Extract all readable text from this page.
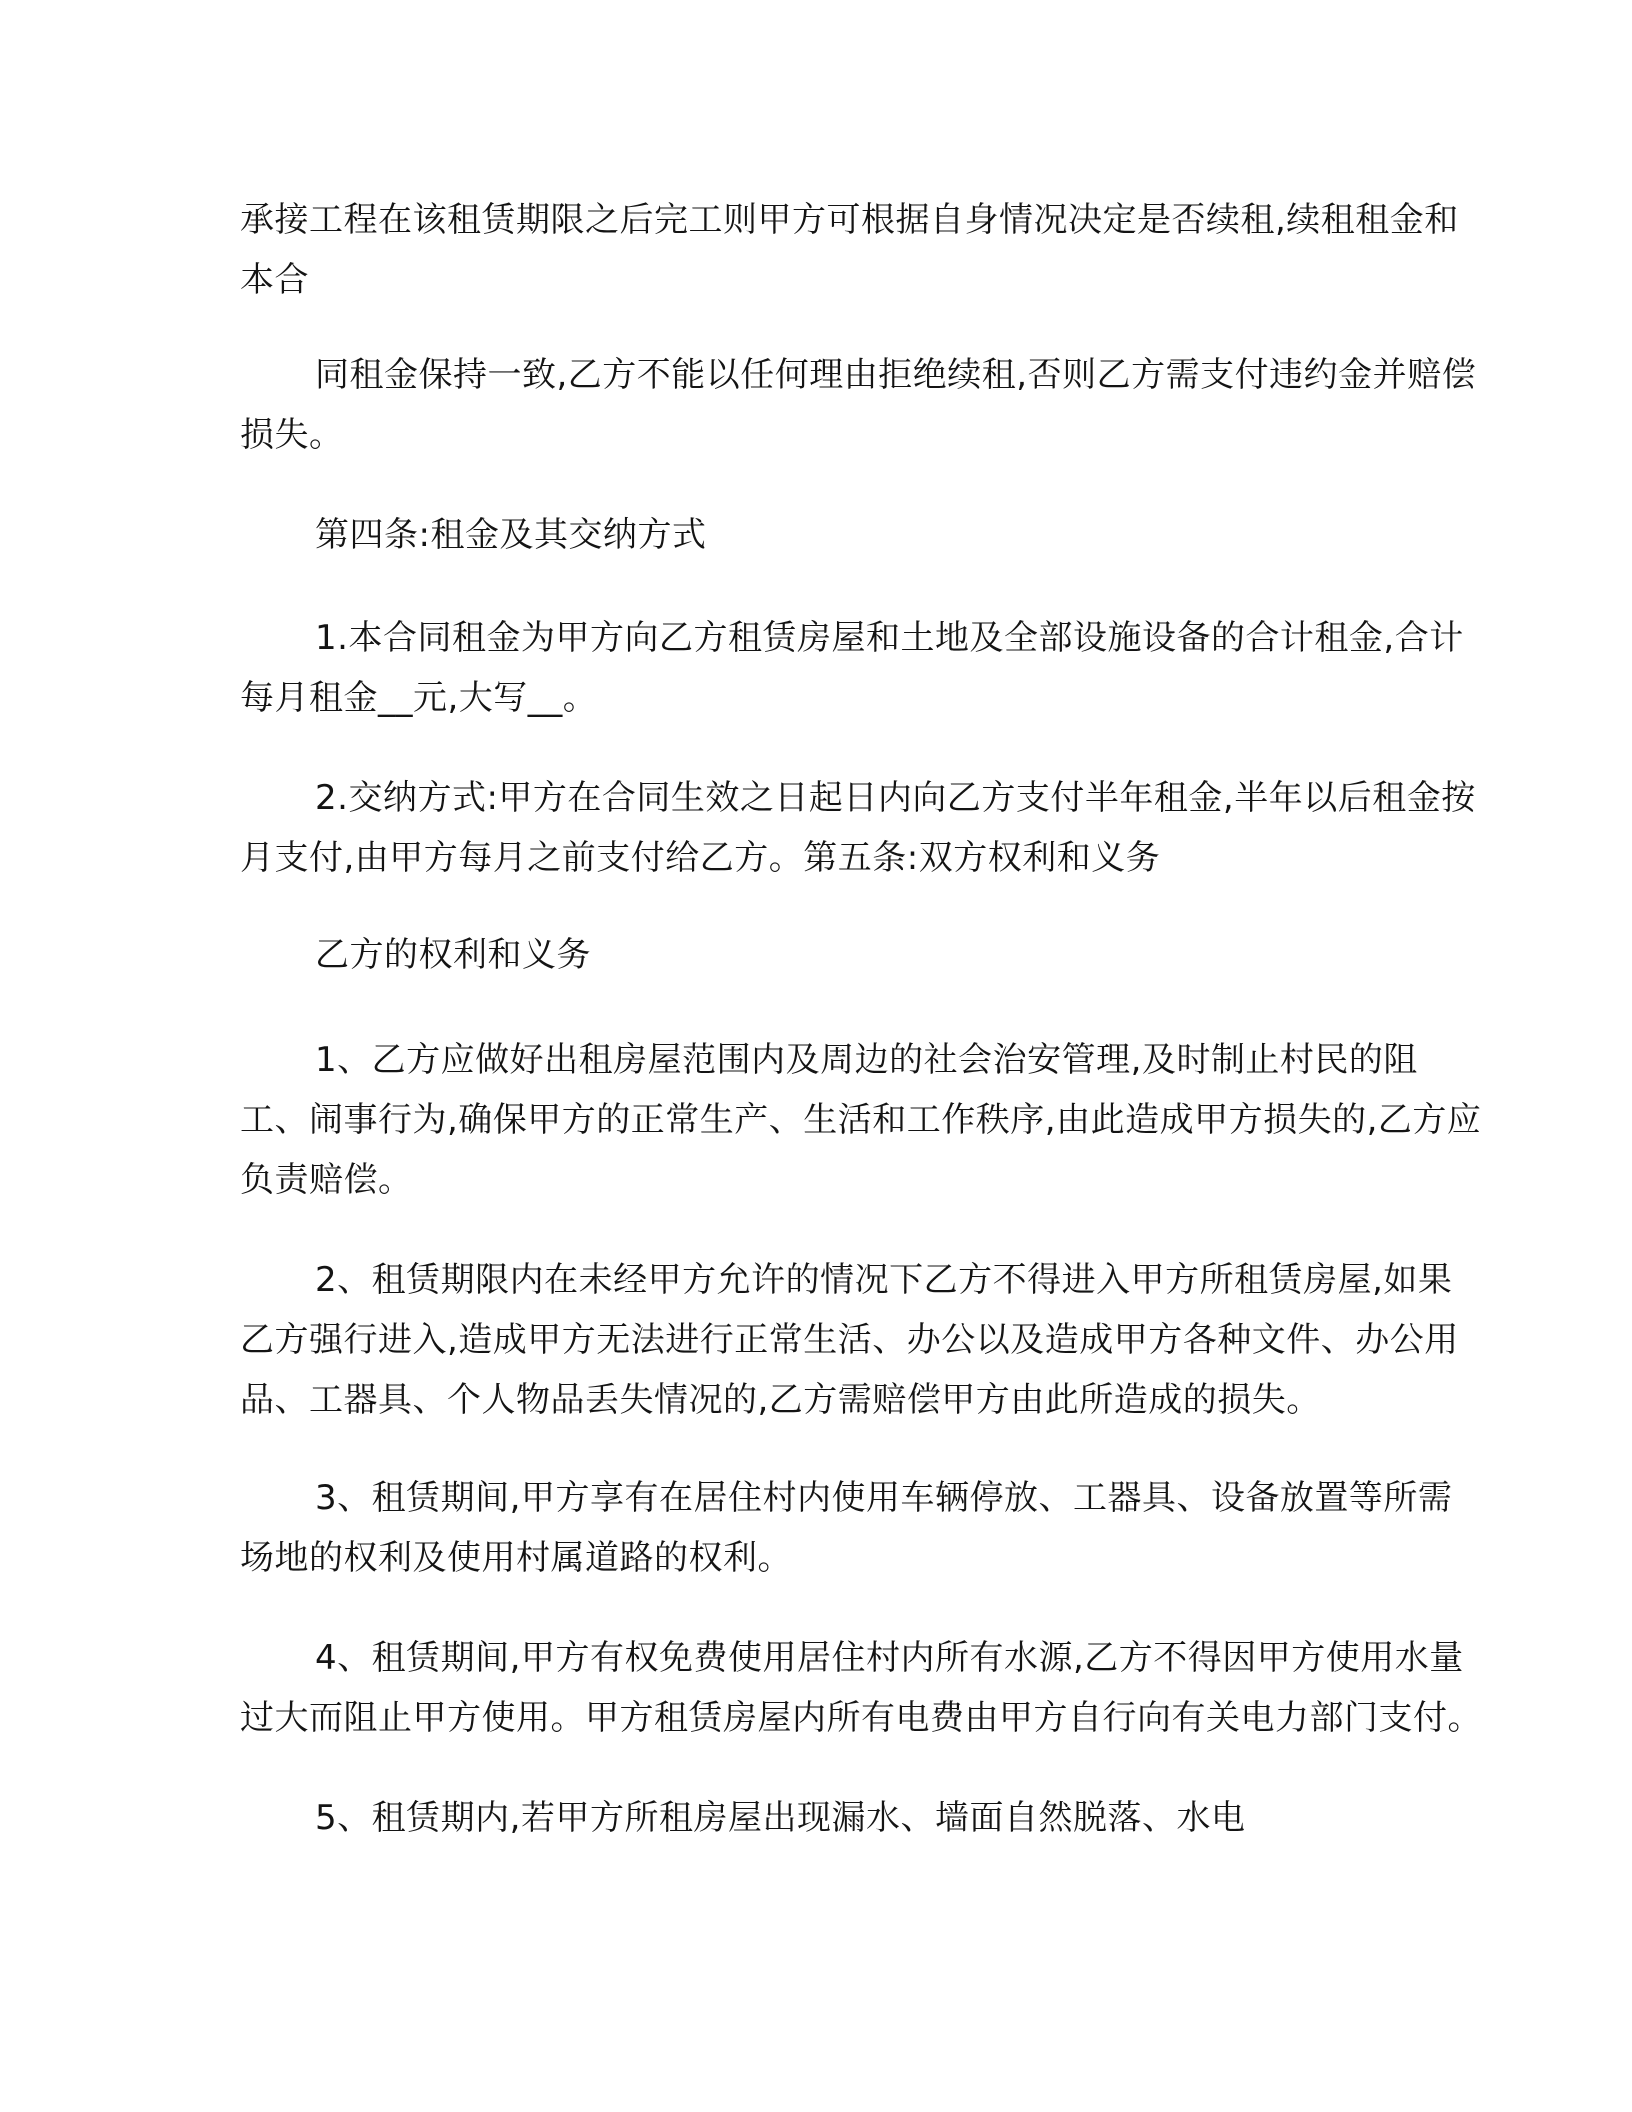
承接工程在该租赁期限之后完工则甲方可根据自身情况决定是否续租,续租租金和
本合

同租金保持一致,乙方不能以任何理由拒绝续租,否则乙方需支付违约金并赔偿
损失。

第四条:租金及其交纳方式

1.本合同租金为甲方向乙方租赁房屋和土地及全部设施设备的合计租金,合计
每月租金__元,大写__。

2.交纳方式:甲方在合同生效之日起日内向乙方支付半年租金,半年以后租金按
月支付,由甲方每月之前支付给乙方。第五条:双方权利和义务

乙方的权利和义务

1、乙方应做好出租房屋范围内及周边的社会治安管理,及时制止村民的阻
工、闹事行为,确保甲方的正常生产、生活和工作秩序,由此造成甲方损失的,乙方应
负责赔偿。

2、租赁期限内在未经甲方允许的情况下乙方不得进入甲方所租赁房屋,如果
乙方强行进入,造成甲方无法进行正常生活、办公以及造成甲方各种文件、办公用
品、工器具、个人物品丢失情况的,乙方需赔偿甲方由此所造成的损失。

3、租赁期间,甲方享有在居住村内使用车辆停放、工器具、设备放置等所需
场地的权利及使用村属道路的权利。

4、租赁期间,甲方有权免费使用居住村内所有水源,乙方不得因甲方使用水量
过大而阻止甲方使用。甲方租赁房屋内所有电费由甲方自行向有关电力部门支付。

5、租赁期内,若甲方所租房屋出现漏水、墙面自然脱落、水电
